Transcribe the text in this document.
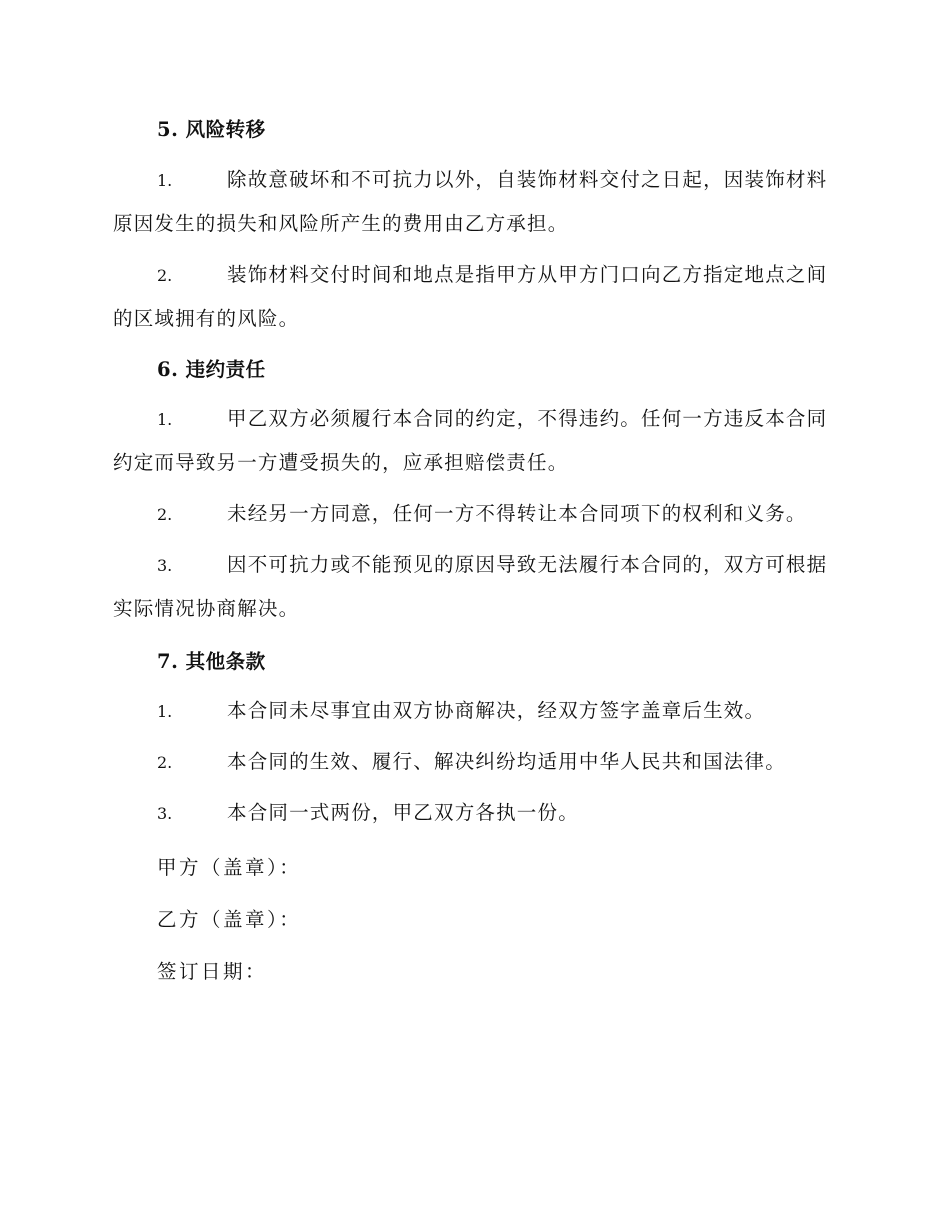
5. 风险转移
1.	除故意破坏和不可抗力以外，自装饰材料交付之日起，因装饰材料原因发生的损失和风险所产生的费用由乙方承担。
2.	装饰材料交付时间和地点是指甲方从甲方门口向乙方指定地点之间的区域拥有的风险。
6. 违约责任
1.	甲乙双方必须履行本合同的约定，不得违约。任何一方违反本合同约定而导致另一方遭受损失的，应承担赔偿责任。
2.	未经另一方同意，任何一方不得转让本合同项下的权利和义务。
3.	因不可抗力或不能预见的原因导致无法履行本合同的，双方可根据实际情况协商解决。
7. 其他条款
1.	本合同未尽事宜由双方协商解决，经双方签字盖章后生效。
2.	本合同的生效、履行、解决纠纷均适用中华人民共和国法律。
3.	本合同一式两份，甲乙双方各执一份。
甲方（盖章）：
乙方（盖章）：
签订日期：
